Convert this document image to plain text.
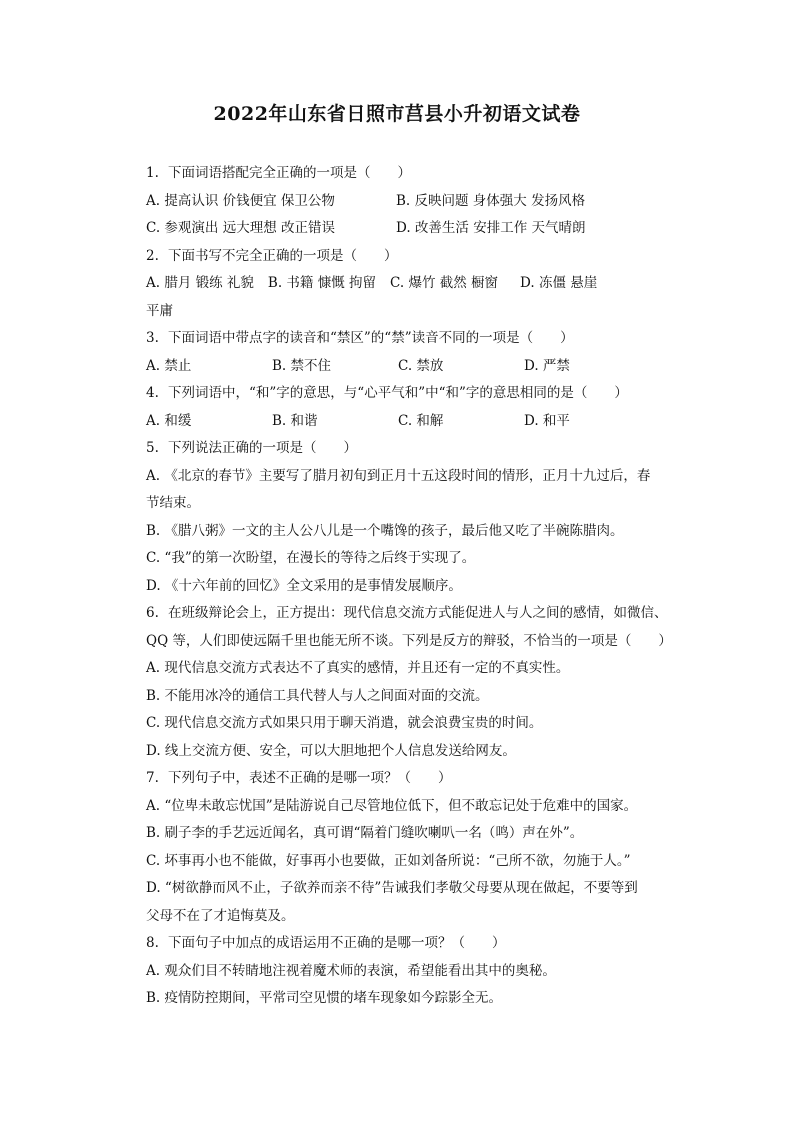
2022年山东省日照市莒县小升初语文试卷
1. 下面词语搭配完全正确的一项是（　　）
A. 提高认识 价钱便宜 保卫公物	B. 反映问题 身体强大 发扬风格
C. 参观演出 远大理想 改正错误	D. 改善生活 安排工作 天气晴朗
2. 下面书写不完全正确的一项是（　　）
A. 腊月 锻练 礼貌 B. 书籍 慷慨 拘留 C. 爆竹 截然 橱窗 D. 冻僵 悬崖
平庸
3. 下面词语中带点字的读音和“禁区”的“禁”读音不同的一项是（　　）
A. 禁止	B. 禁不住	C. 禁放	D. 严禁
4. 下列词语中，“和”字的意思，与“心平气和”中“和”字的意思相同的是（　　）
A. 和缓	B. 和谐	C. 和解	D. 和平
5. 下列说法正确的一项是（　　）
A. 《北京的春节》主要写了腊月初旬到正月十五这段时间的情形，正月十九过后，春
节结束。
B. 《腊八粥》一文的主人公八儿是一个嘴馋的孩子，最后他又吃了半碗陈腊肉。
C. “我”的第一次盼望，在漫长的等待之后终于实现了。
D. 《十六年前的回忆》全文采用的是事情发展顺序。
6. 在班级辩论会上，正方提出：现代信息交流方式能促进人与人之间的感情，如微信、
QQ 等，人们即使远隔千里也能无所不谈。下列是反方的辩驳，不恰当的一项是（　　）
A. 现代信息交流方式表达不了真实的感情，并且还有一定的不真实性。
B. 不能用冰冷的通信工具代替人与人之间面对面的交流。
C. 现代信息交流方式如果只用于聊天消遣，就会浪费宝贵的时间。
D. 线上交流方便、安全，可以大胆地把个人信息发送给网友。
7. 下列句子中，表述不正确的是哪一项？（　　）
A. “位卑未敢忘忧国”是陆游说自己尽管地位低下，但不敢忘记处于危难中的国家。
B. 刷子李的手艺远近闻名，真可谓“隔着门缝吹喇叭一名（鸣）声在外”。
C. 坏事再小也不能做，好事再小也要做，正如刘备所说：“己所不欲，勿施于人。”
D. “树欲静而风不止，子欲养而亲不待”告诫我们孝敬父母要从现在做起，不要等到
父母不在了才追悔莫及。
8. 下面句子中加点的成语运用不正确的是哪一项？（　　）
A. 观众们目不转睛地注视着魔术师的表演，希望能看出其中的奥秘。
B. 疫情防控期间，平常司空见惯的堵车现象如今踪影全无。
